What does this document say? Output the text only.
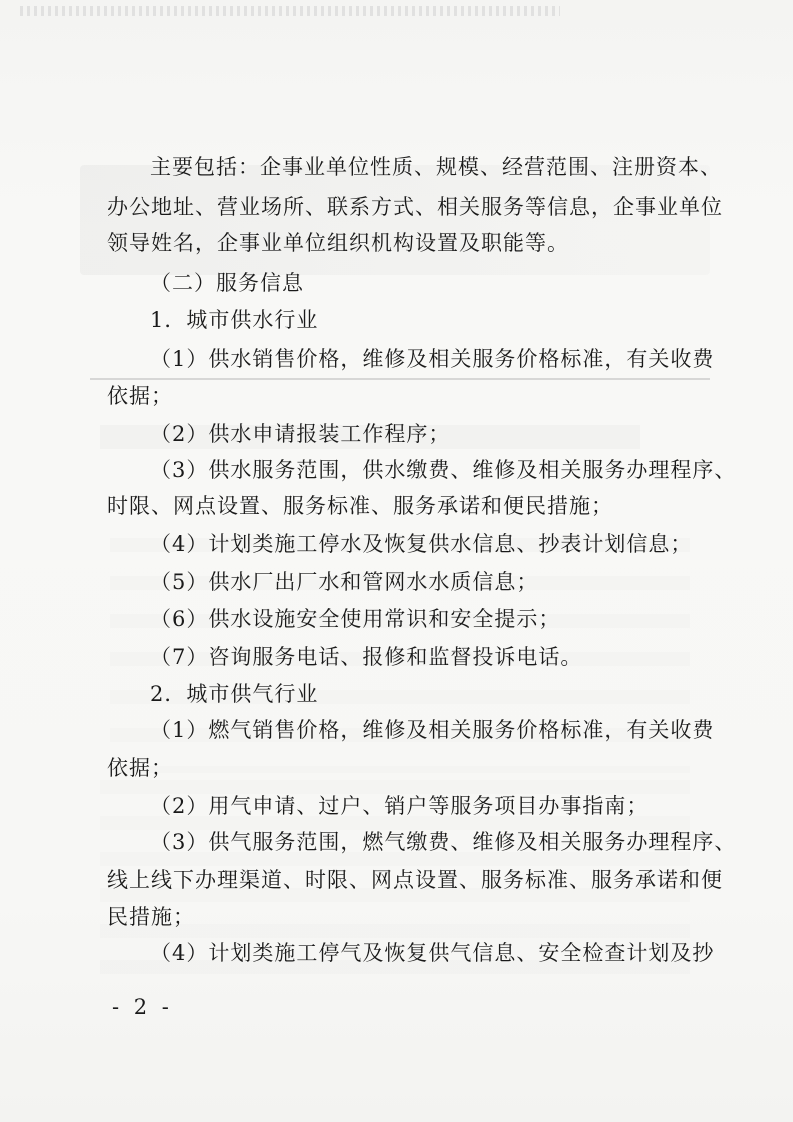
主要包括：企事业单位性质、规模、经营范围、注册资本、
办公地址、营业场所、联系方式、相关服务等信息，企事业单位
领导姓名，企事业单位组织机构设置及职能等。
（二）服务信息
1．城市供水行业
（1）供水销售价格，维修及相关服务价格标准，有关收费
依据；
（2）供水申请报装工作程序；
（3）供水服务范围，供水缴费、维修及相关服务办理程序、
时限、网点设置、服务标准、服务承诺和便民措施；
（4）计划类施工停水及恢复供水信息、抄表计划信息；
（5）供水厂出厂水和管网水水质信息；
（6）供水设施安全使用常识和安全提示；
（7）咨询服务电话、报修和监督投诉电话。
2．城市供气行业
（1）燃气销售价格，维修及相关服务价格标准，有关收费
依据；
（2）用气申请、过户、销户等服务项目办事指南；
（3）供气服务范围，燃气缴费、维修及相关服务办理程序、
线上线下办理渠道、时限、网点设置、服务标准、服务承诺和便
民措施；
（4）计划类施工停气及恢复供气信息、安全检查计划及抄
- 2 -
